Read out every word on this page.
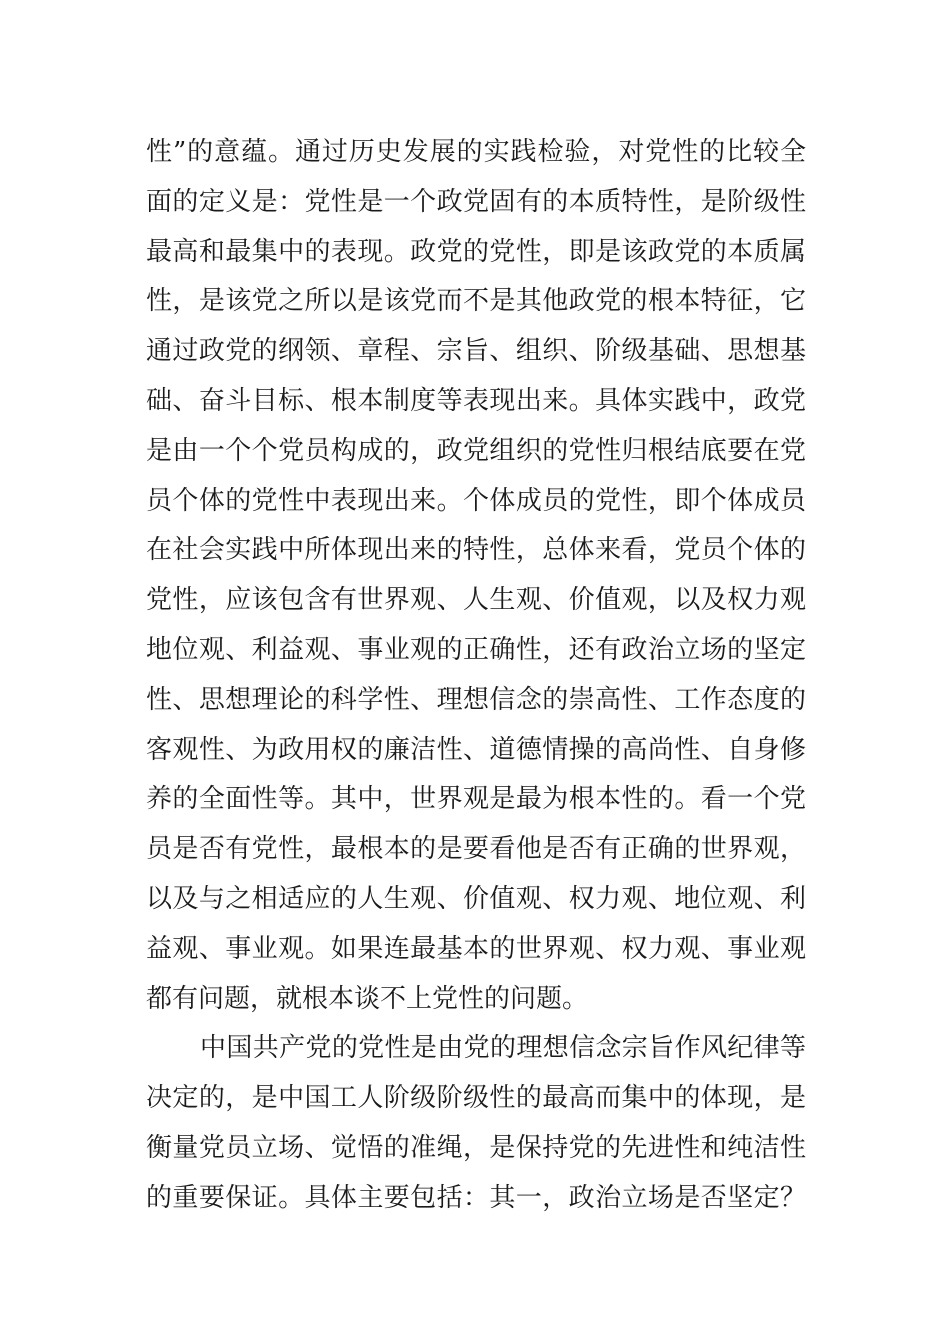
性”的意蕴。通过历史发展的实践检验，对党性的比较全
面的定义是：党性是一个政党固有的本质特性，是阶级性
最高和最集中的表现。政党的党性，即是该政党的本质属
性，是该党之所以是该党而不是其他政党的根本特征，它
通过政党的纲领、章程、宗旨、组织、阶级基础、思想基
础、奋斗目标、根本制度等表现出来。具体实践中，政党
是由一个个党员构成的，政党组织的党性归根结底要在党
员个体的党性中表现出来。个体成员的党性，即个体成员
在社会实践中所体现出来的特性，总体来看，党员个体的
党性，应该包含有世界观、人生观、价值观，以及权力观
地位观、利益观、事业观的正确性，还有政治立场的坚定
性、思想理论的科学性、理想信念的崇高性、工作态度的
客观性、为政用权的廉洁性、道德情操的高尚性、自身修
养的全面性等。其中，世界观是最为根本性的。看一个党
员是否有党性，最根本的是要看他是否有正确的世界观，
以及与之相适应的人生观、价值观、权力观、地位观、利
益观、事业观。如果连最基本的世界观、权力观、事业观
都有问题，就根本谈不上党性的问题。
中国共产党的党性是由党的理想信念宗旨作风纪律等
决定的，是中国工人阶级阶级性的最高而集中的体现，是
衡量党员立场、觉悟的准绳，是保持党的先进性和纯洁性
的重要保证。具体主要包括：其一，政治立场是否坚定？
